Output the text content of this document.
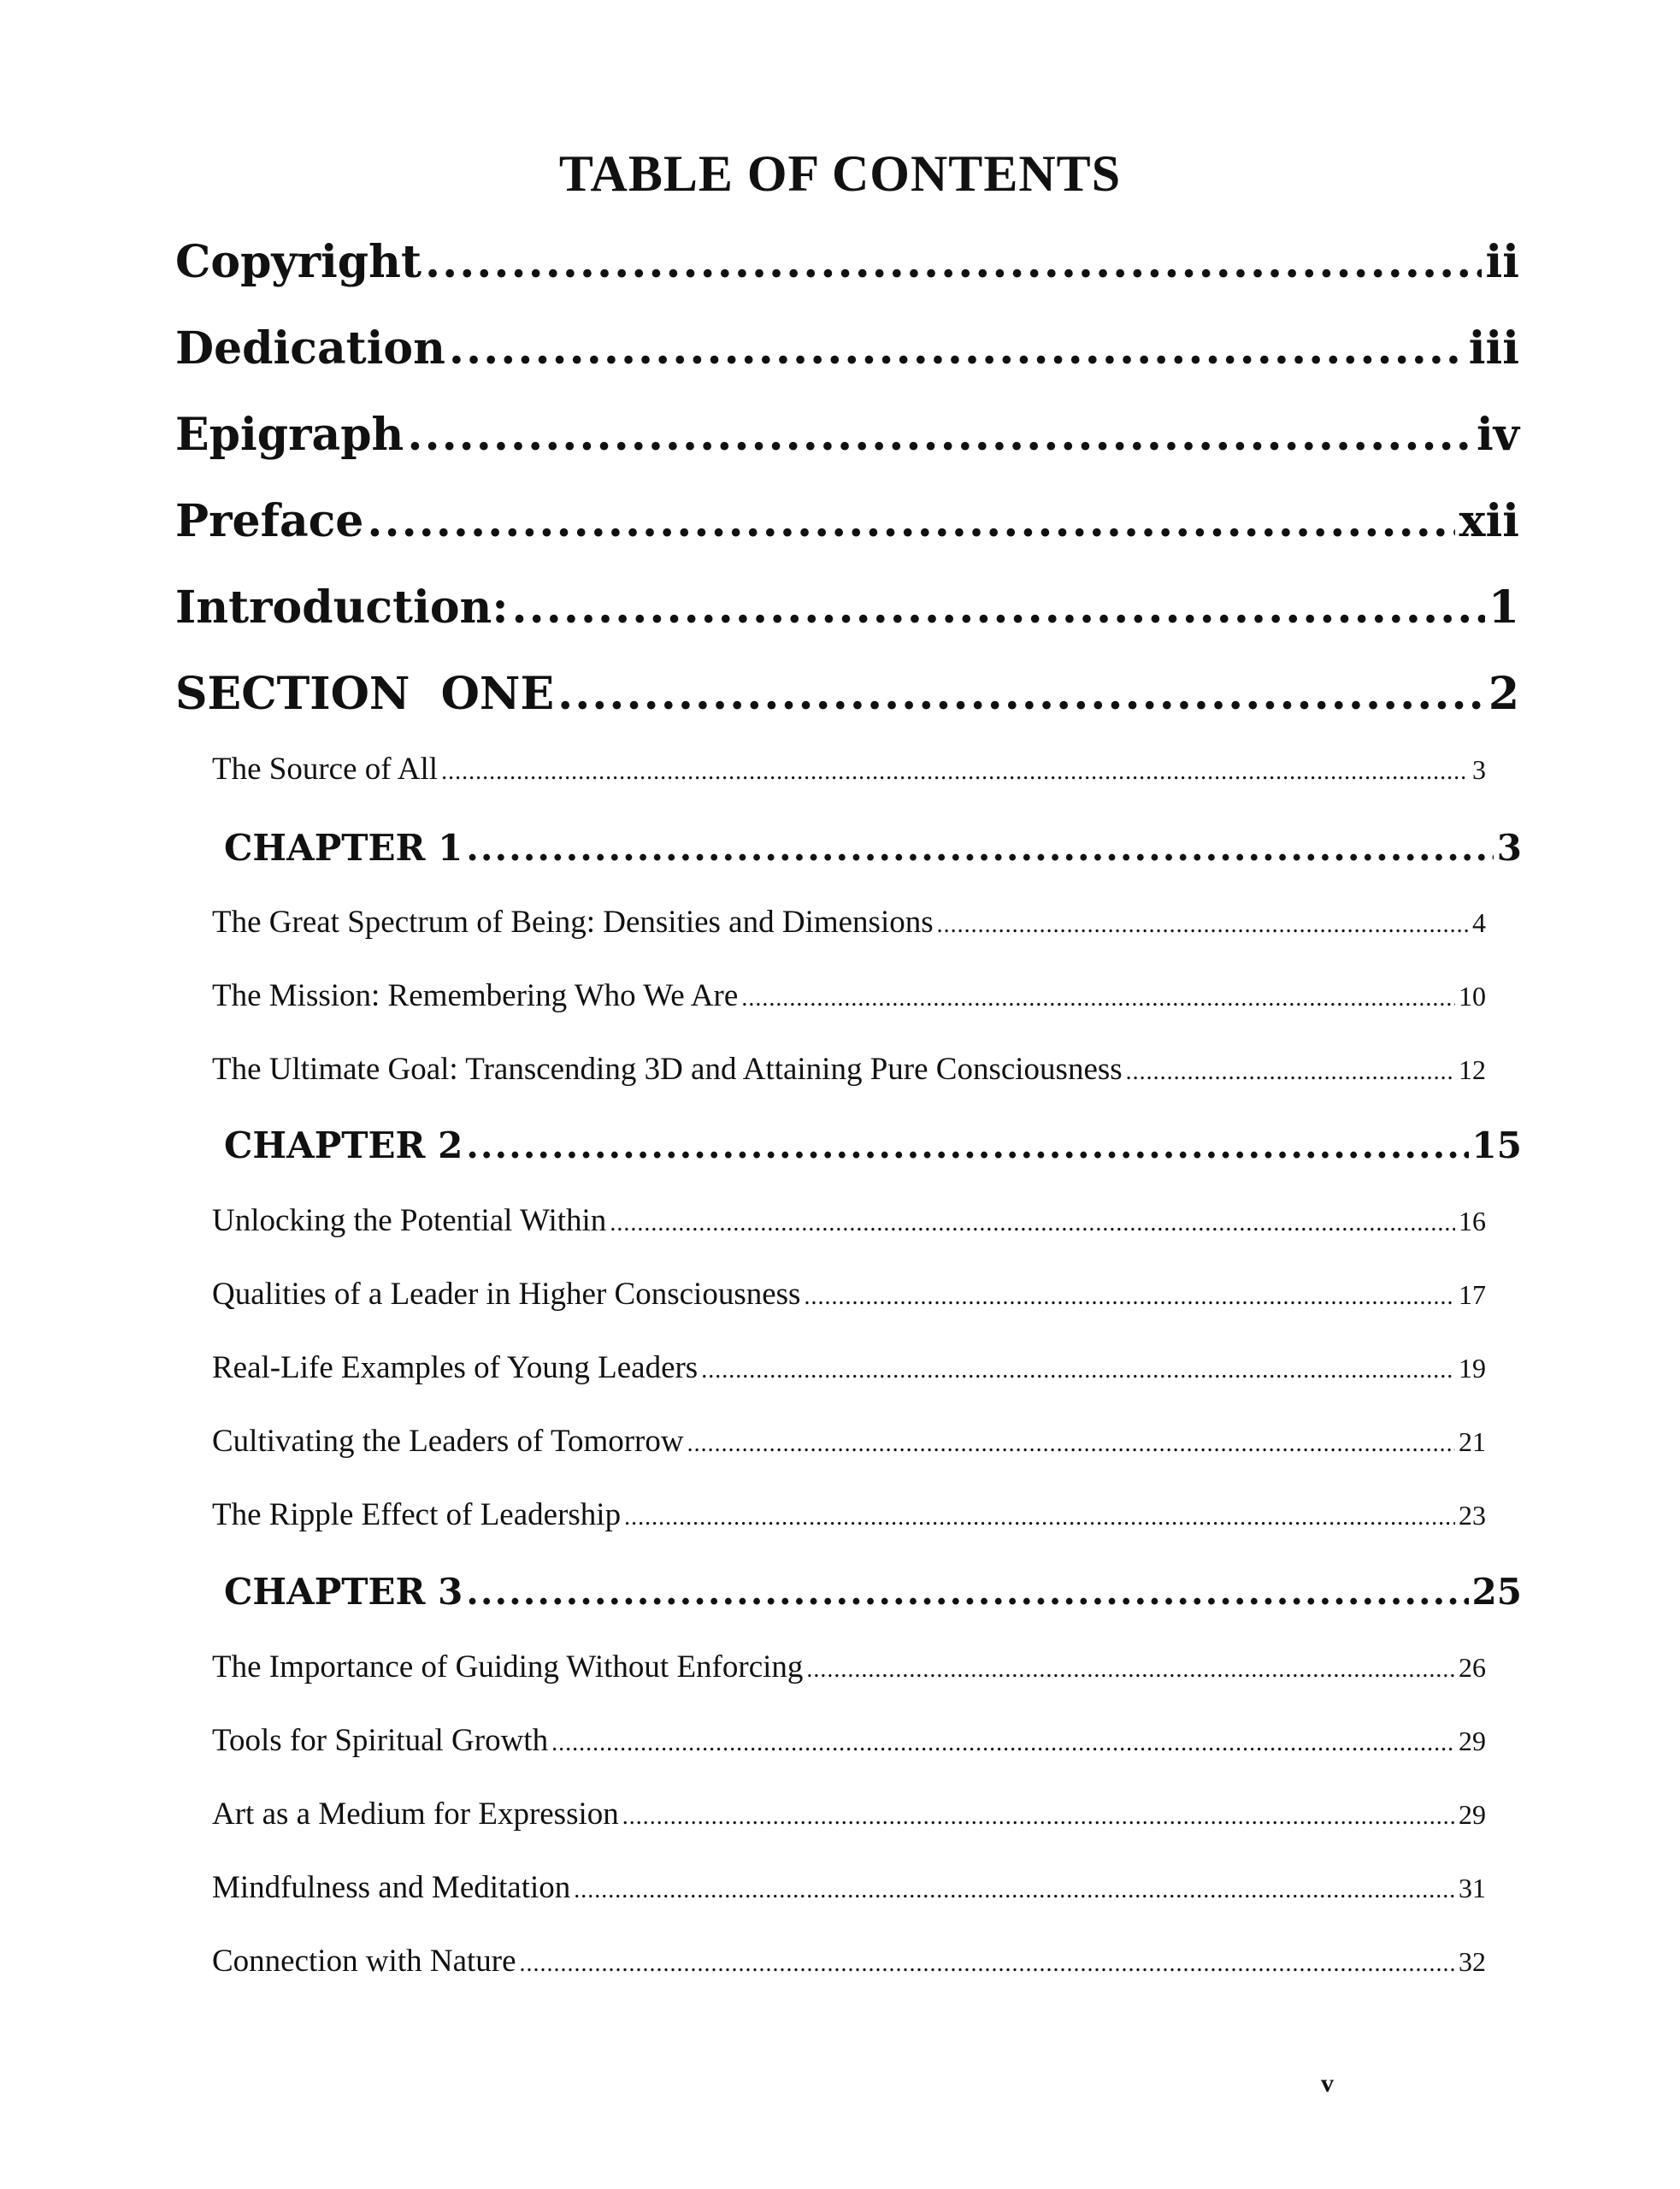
TABLE OF CONTENTS
Copyright .....	ii
Dedication .....	iii
Epigraph .....	iv
Preface .....	xii
Introduction: .....	1
SECTION  ONE .....	2
The Source of All .....	3
CHAPTER 1 .....	3
The Great Spectrum of Being: Densities and Dimensions .....	4
The Mission: Remembering Who We Are .....	10
The Ultimate Goal: Transcending 3D and Attaining Pure Consciousness .....	12
CHAPTER 2 .....	15
Unlocking the Potential Within .....	16
Qualities of a Leader in Higher Consciousness .....	17
Real-Life Examples of Young Leaders .....	19
Cultivating the Leaders of Tomorrow .....	21
The Ripple Effect of Leadership .....	23
CHAPTER 3 .....	25
The Importance of Guiding Without Enforcing .....	26
Tools for Spiritual Growth .....	29
Art as a Medium for Expression .....	29
Mindfulness and Meditation .....	31
Connection with Nature .....	32
v
